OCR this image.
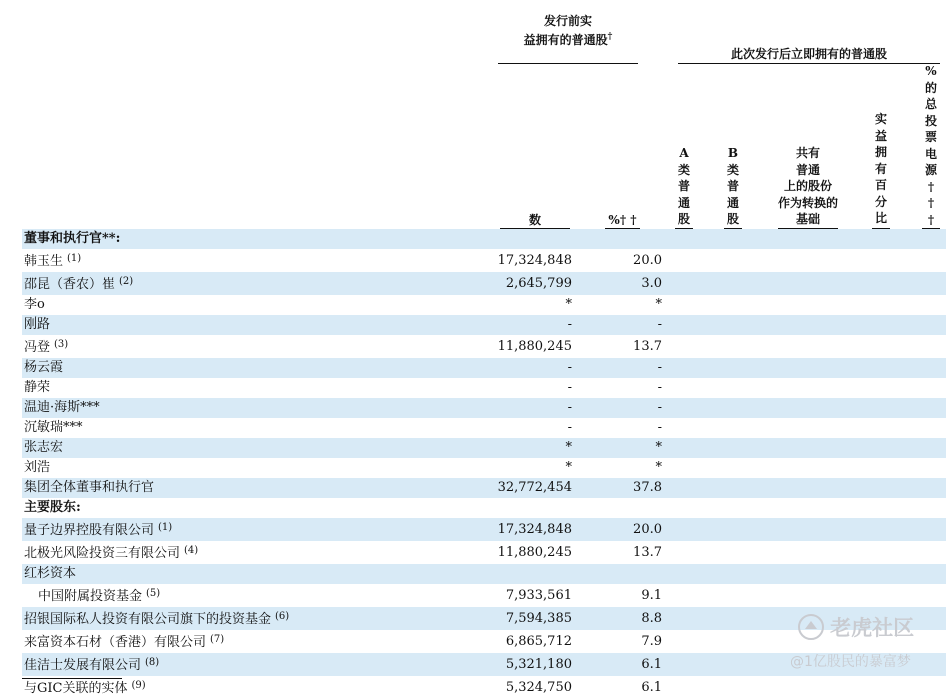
发行前实
益拥有的普通股†
此次发行后立即拥有的普通股
数	%† †
A
类
普
通
股
B
类
普
通
股
共有
普通
上的股份
作为转换的
基础
实
益
拥
有
百
分
比
%
的
总
投
票
电
源
†
†
†
董事和执行官**:			
韩玉生 $^{(1)}$	17,324,848	20.0	
邵昆（香农）崔 $^{(2)}$	2,645,799	3.0	
李o	*	*	
刚路	-	-	
冯登 $^{(3)}$	11,880,245	13.7	
杨云霞	-	-	
静荣	-	-	
温迪·海斯***	-	-	
沉敏瑞***	-	-	
张志宏	*	*	
刘浩	*	*	
集团全体董事和执行官	32,772,454	37.8	
主要股东:			
量子边界控股有限公司 $^{(1)}$	17,324,848	20.0	
北极光风险投资三有限公司 $^{(4)}$	11,880,245	13.7	
红杉资本			
中国附属投资基金 $^{(5)}$	7,933,561	9.1	
招银国际私人投资有限公司旗下的投资基金 $^{(6)}$	7,594,385	8.8	
来富资本石材（香港）有限公司 $^{(7)}$	6,865,712	7.9	
佳洁士发展有限公司 $^{(8)}$	5,321,180	6.1	
与GIC关联的实体 $^{(9)}$	5,324,750	6.1	
老虎社区
@1亿股民的暴富梦
